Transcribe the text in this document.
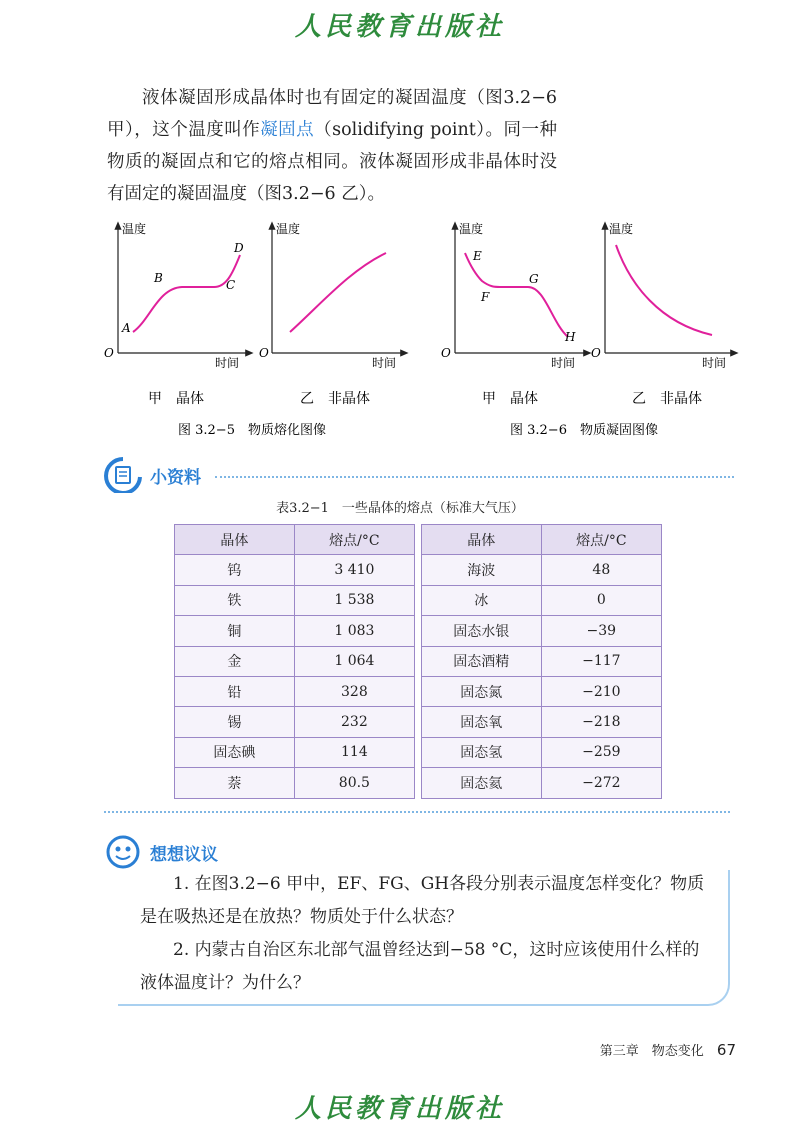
人民教育出版社
液体凝固形成晶体时也有固定的凝固温度（图3.2−6 甲），这个温度叫作凝固点（solidifying point）。同一种物质的凝固点和它的熔点相同。液体凝固形成非晶体时没有固定的凝固温度（图3.2−6 乙）。
温度
时间
O
A
B	C
D
温度
时间
O
温度
时间
O
E
F
G
H
温度
时间
O
甲　晶体	乙　非晶体	甲　晶体	乙　非晶体
图 3.2−5　物质熔化图像	图 3.2−6　物质凝固图像
小资料
表3.2−1　一些晶体的熔点（标准大气压）
晶体	熔点/°C		晶体	熔点/°C
钨	3 410		海波	48
铁	1 538		冰	0
铜	1 083		固态水银	−39
金	1 064		固态酒精	−117
铅	328		固态氮	−210
锡	232		固态氧	−218
固态碘	114		固态氢	−259
萘	80.5		固态氦	−272
想想议议
1. 在图3.2−6 甲中，EF、FG、GH各段分别表示温度怎样变化？物质是在吸热还是在放热？物质处于什么状态？
2. 内蒙古自治区东北部气温曾经达到−58 °C，这时应该使用什么样的液体温度计？为什么？
第三章　物态变化 67
人民教育出版社
